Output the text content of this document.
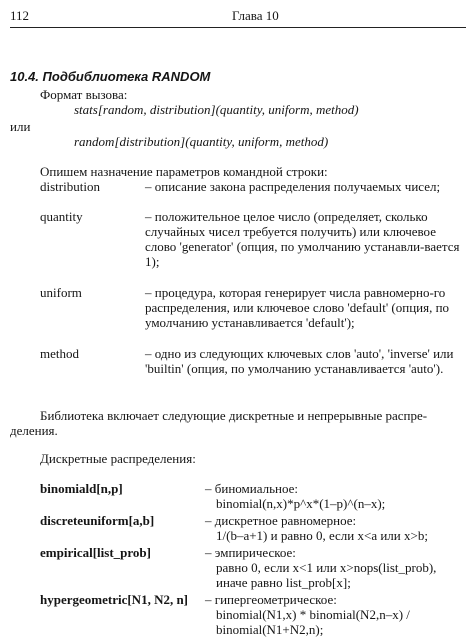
112	Глава 10
10.4. Подбиблиотека RANDOM
Формат вызова:
stats[random, distribution](quantity, uniform, method)
или
random[distribution](quantity, uniform, method)
Опишем назначение параметров командной строки:
distribution	– описание закона распределения получаемых чисел;
quantity	– положительное целое число (определяет, сколько случайных чисел требуется получить) или ключевое слово 'generator' (опция, по умолчанию устанавли-вается 1);
uniform	– процедура, которая генерирует числа равномерно-го распределения, или ключевое слово 'default' (опция, по умолчанию устанавливается 'default');
method	– одно из следующих ключевых слов 'auto', 'inverse' или 'builtin' (опция, по умолчанию устанавливается 'auto').
Библиотека включает следующие дискретные и непрерывные распре-деления.
Дискретные распределения:
binomiald[n,p]	– биномиальное:
binomial(n,x)*p^x*(1–p)^(n–x);
discreteuniform[a,b]	– дискретное равномерное:
1/(b–a+1) и равно 0, если x<a или x>b;
empirical[list_prob]	– эмпирическое:
равно 0, если x<1 или x>nops(list_prob),
иначе равно list_prob[x];
hypergeometric[N1, N2, n] – гипергеометрическое:
binomial(N1,x) * binomial(N2,n–x) /
binomial(N1+N2,n);
